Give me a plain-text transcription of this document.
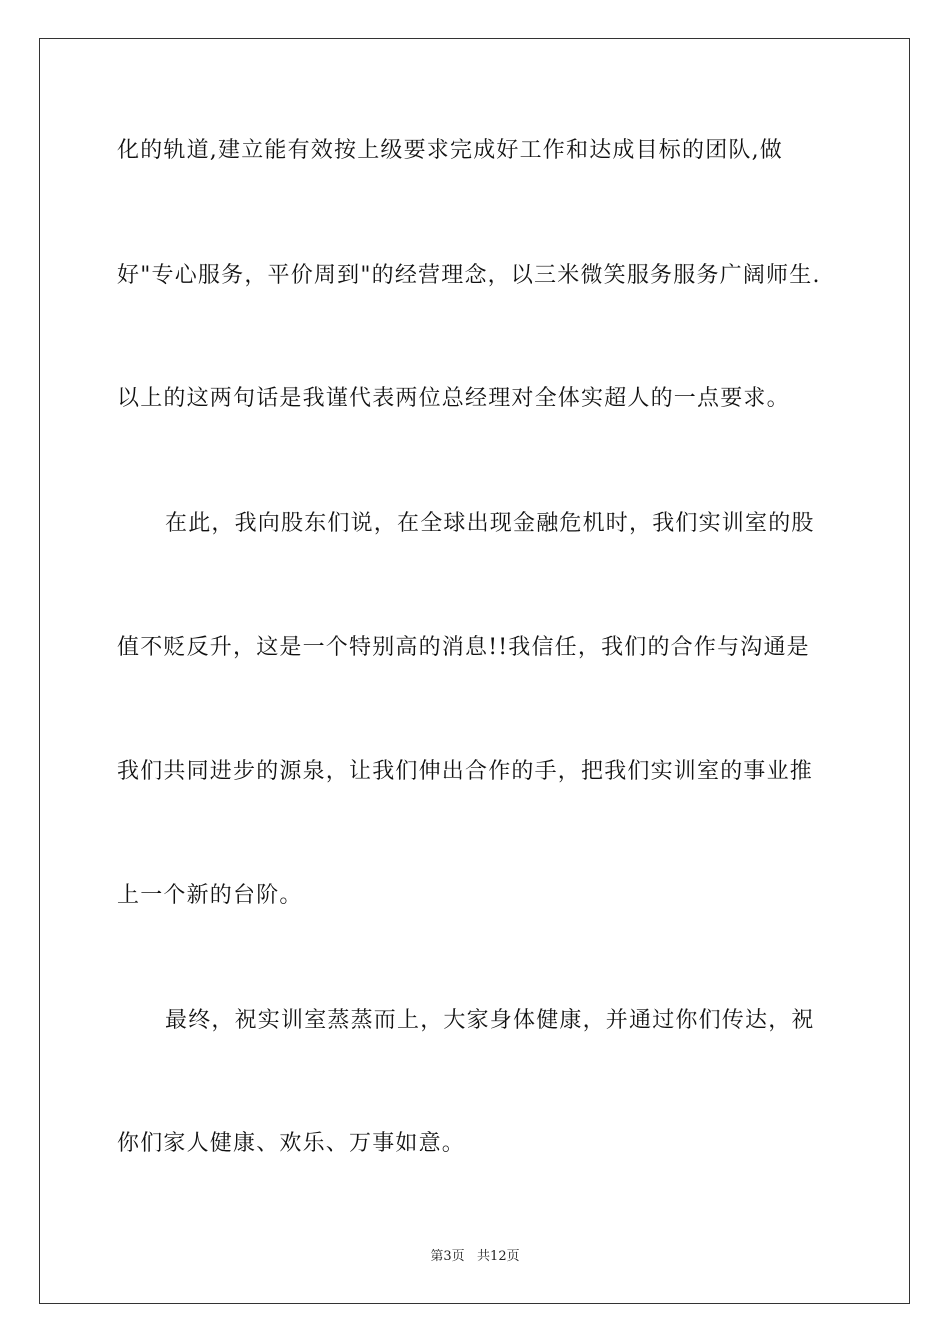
化的轨道,建立能有效按上级要求完成好工作和达成目标的团队,做
好"专心服务，平价周到"的经营理念，以三米微笑服务服务广阔师生.
以上的这两句话是我谨代表两位总经理对全体实超人的一点要求。
在此，我向股东们说，在全球出现金融危机时，我们实训室的股
值不贬反升，这是一个特别高的消息!!我信任，我们的合作与沟通是
我们共同进步的源泉，让我们伸出合作的手，把我们实训室的事业推
上一个新的台阶。
最终，祝实训室蒸蒸而上，大家身体健康，并通过你们传达，祝
你们家人健康、欢乐、万事如意。
第3页   共12页
